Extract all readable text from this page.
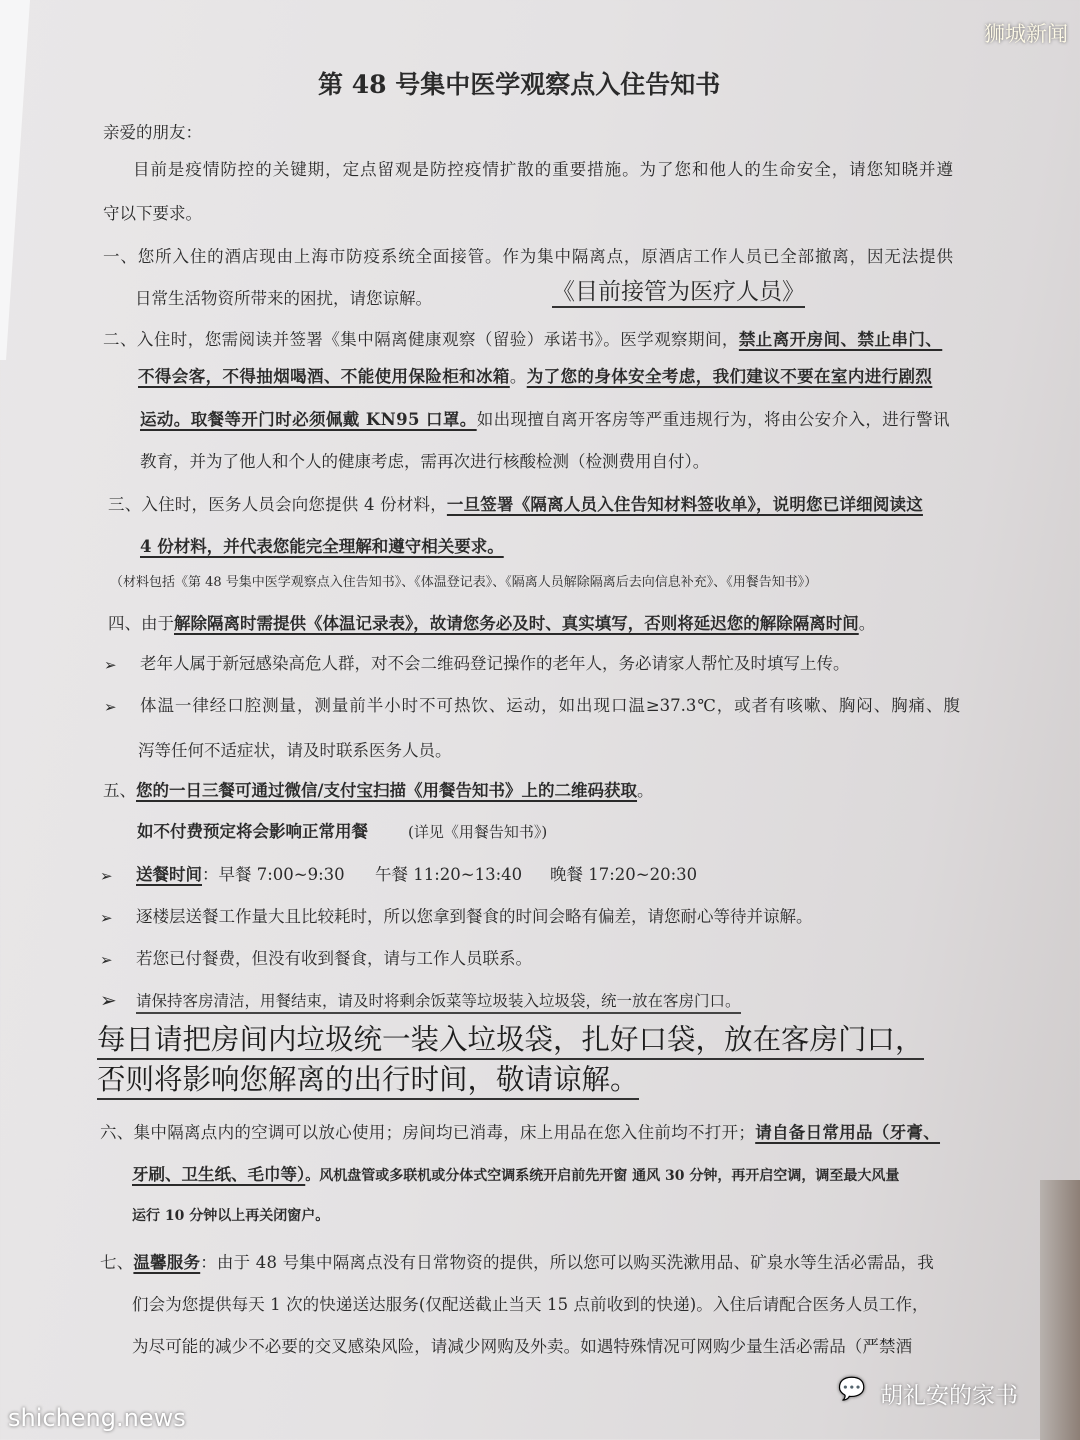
第 48 号集中医学观察点入住告知书
亲爱的朋友：
目前是疫情防控的关键期，定点留观是防控疫情扩散的重要措施。为了您和他人的生命安全，请您知晓并遵
守以下要求。
一、您所入住的酒店现由上海市防疫系统全面接管。作为集中隔离点，原酒店工作人员已全部撤离，因无法提供
日常生活物资所带来的困扰，请您谅解。	《目前接管为医疗人员》
二、入住时，您需阅读并签署《集中隔离健康观察（留验）承诺书》。医学观察期间，禁止离开房间、禁止串门、
不得会客，不得抽烟喝酒、不能使用保险柜和冰箱。为了您的身体安全考虑，我们建议不要在室内进行剧烈
运动。取餐等开门时必须佩戴 KN95 口罩。如出现擅自离开客房等严重违规行为，将由公安介入，进行警讯
教育，并为了他人和个人的健康考虑，需再次进行核酸检测（检测费用自付）。
三、入住时，医务人员会向您提供 4 份材料，一旦签署《隔离人员入住告知材料签收单》，说明您已详细阅读这
4 份材料，并代表您能完全理解和遵守相关要求。
（材料包括《第 48 号集中医学观察点入住告知书》、《体温登记表》、《隔离人员解除隔离后去向信息补充》、《用餐告知书》）
四、由于解除隔离时需提供《体温记录表》，故请您务必及时、真实填写，否则将延迟您的解除隔离时间。
➢ 老年人属于新冠感染高危人群，对不会二维码登记操作的老年人，务必请家人帮忙及时填写上传。
➢ 体温一律经口腔测量，测量前半小时不可热饮、运动，如出现口温≥37.3℃，或者有咳嗽、胸闷、胸痛、腹
泻等任何不适症状，请及时联系医务人员。
五、您的一日三餐可通过微信/支付宝扫描《用餐告知书》上的二维码获取。
如不付费预定将会影响正常用餐	(详见《用餐告知书》)
➢ 送餐时间：早餐 7:00~9:30 午餐 11:20~13:40 晚餐 17:20~20:30
➢ 逐楼层送餐工作量大且比较耗时，所以您拿到餐食的时间会略有偏差，请您耐心等待并谅解。
➢ 若您已付餐费，但没有收到餐食，请与工作人员联系。
➢ 请保持客房清洁，用餐结束，请及时将剩余饭菜等垃圾装入垃圾袋，统一放在客房门口。
每日请把房间内垃圾统一装入垃圾袋，扎好口袋，放在客房门口，
否则将影响您解离的出行时间，敬请谅解。
六、集中隔离点内的空调可以放心使用；房间均已消毒，床上用品在您入住前均不打开；请自备日常用品（牙膏、
牙刷、卫生纸、毛巾等）。风机盘管或多联机或分体式空调系统开启前先开窗 通风 30 分钟，再开启空调，调至最大风量
运行 10 分钟以上再关闭窗户。
七、温馨服务：由于 48 号集中隔离点没有日常物资的提供，所以您可以购买洗漱用品、矿泉水等生活必需品，我
们会为您提供每天 1 次的快递送达服务(仅配送截止当天 15 点前收到的快递)。入住后请配合医务人员工作，
为尽可能的减少不必要的交叉感染风险，请减少网购及外卖。如遇特殊情况可网购少量生活必需品（严禁酒
狮城新闻
shicheng.news
💬 胡礼安的家书
